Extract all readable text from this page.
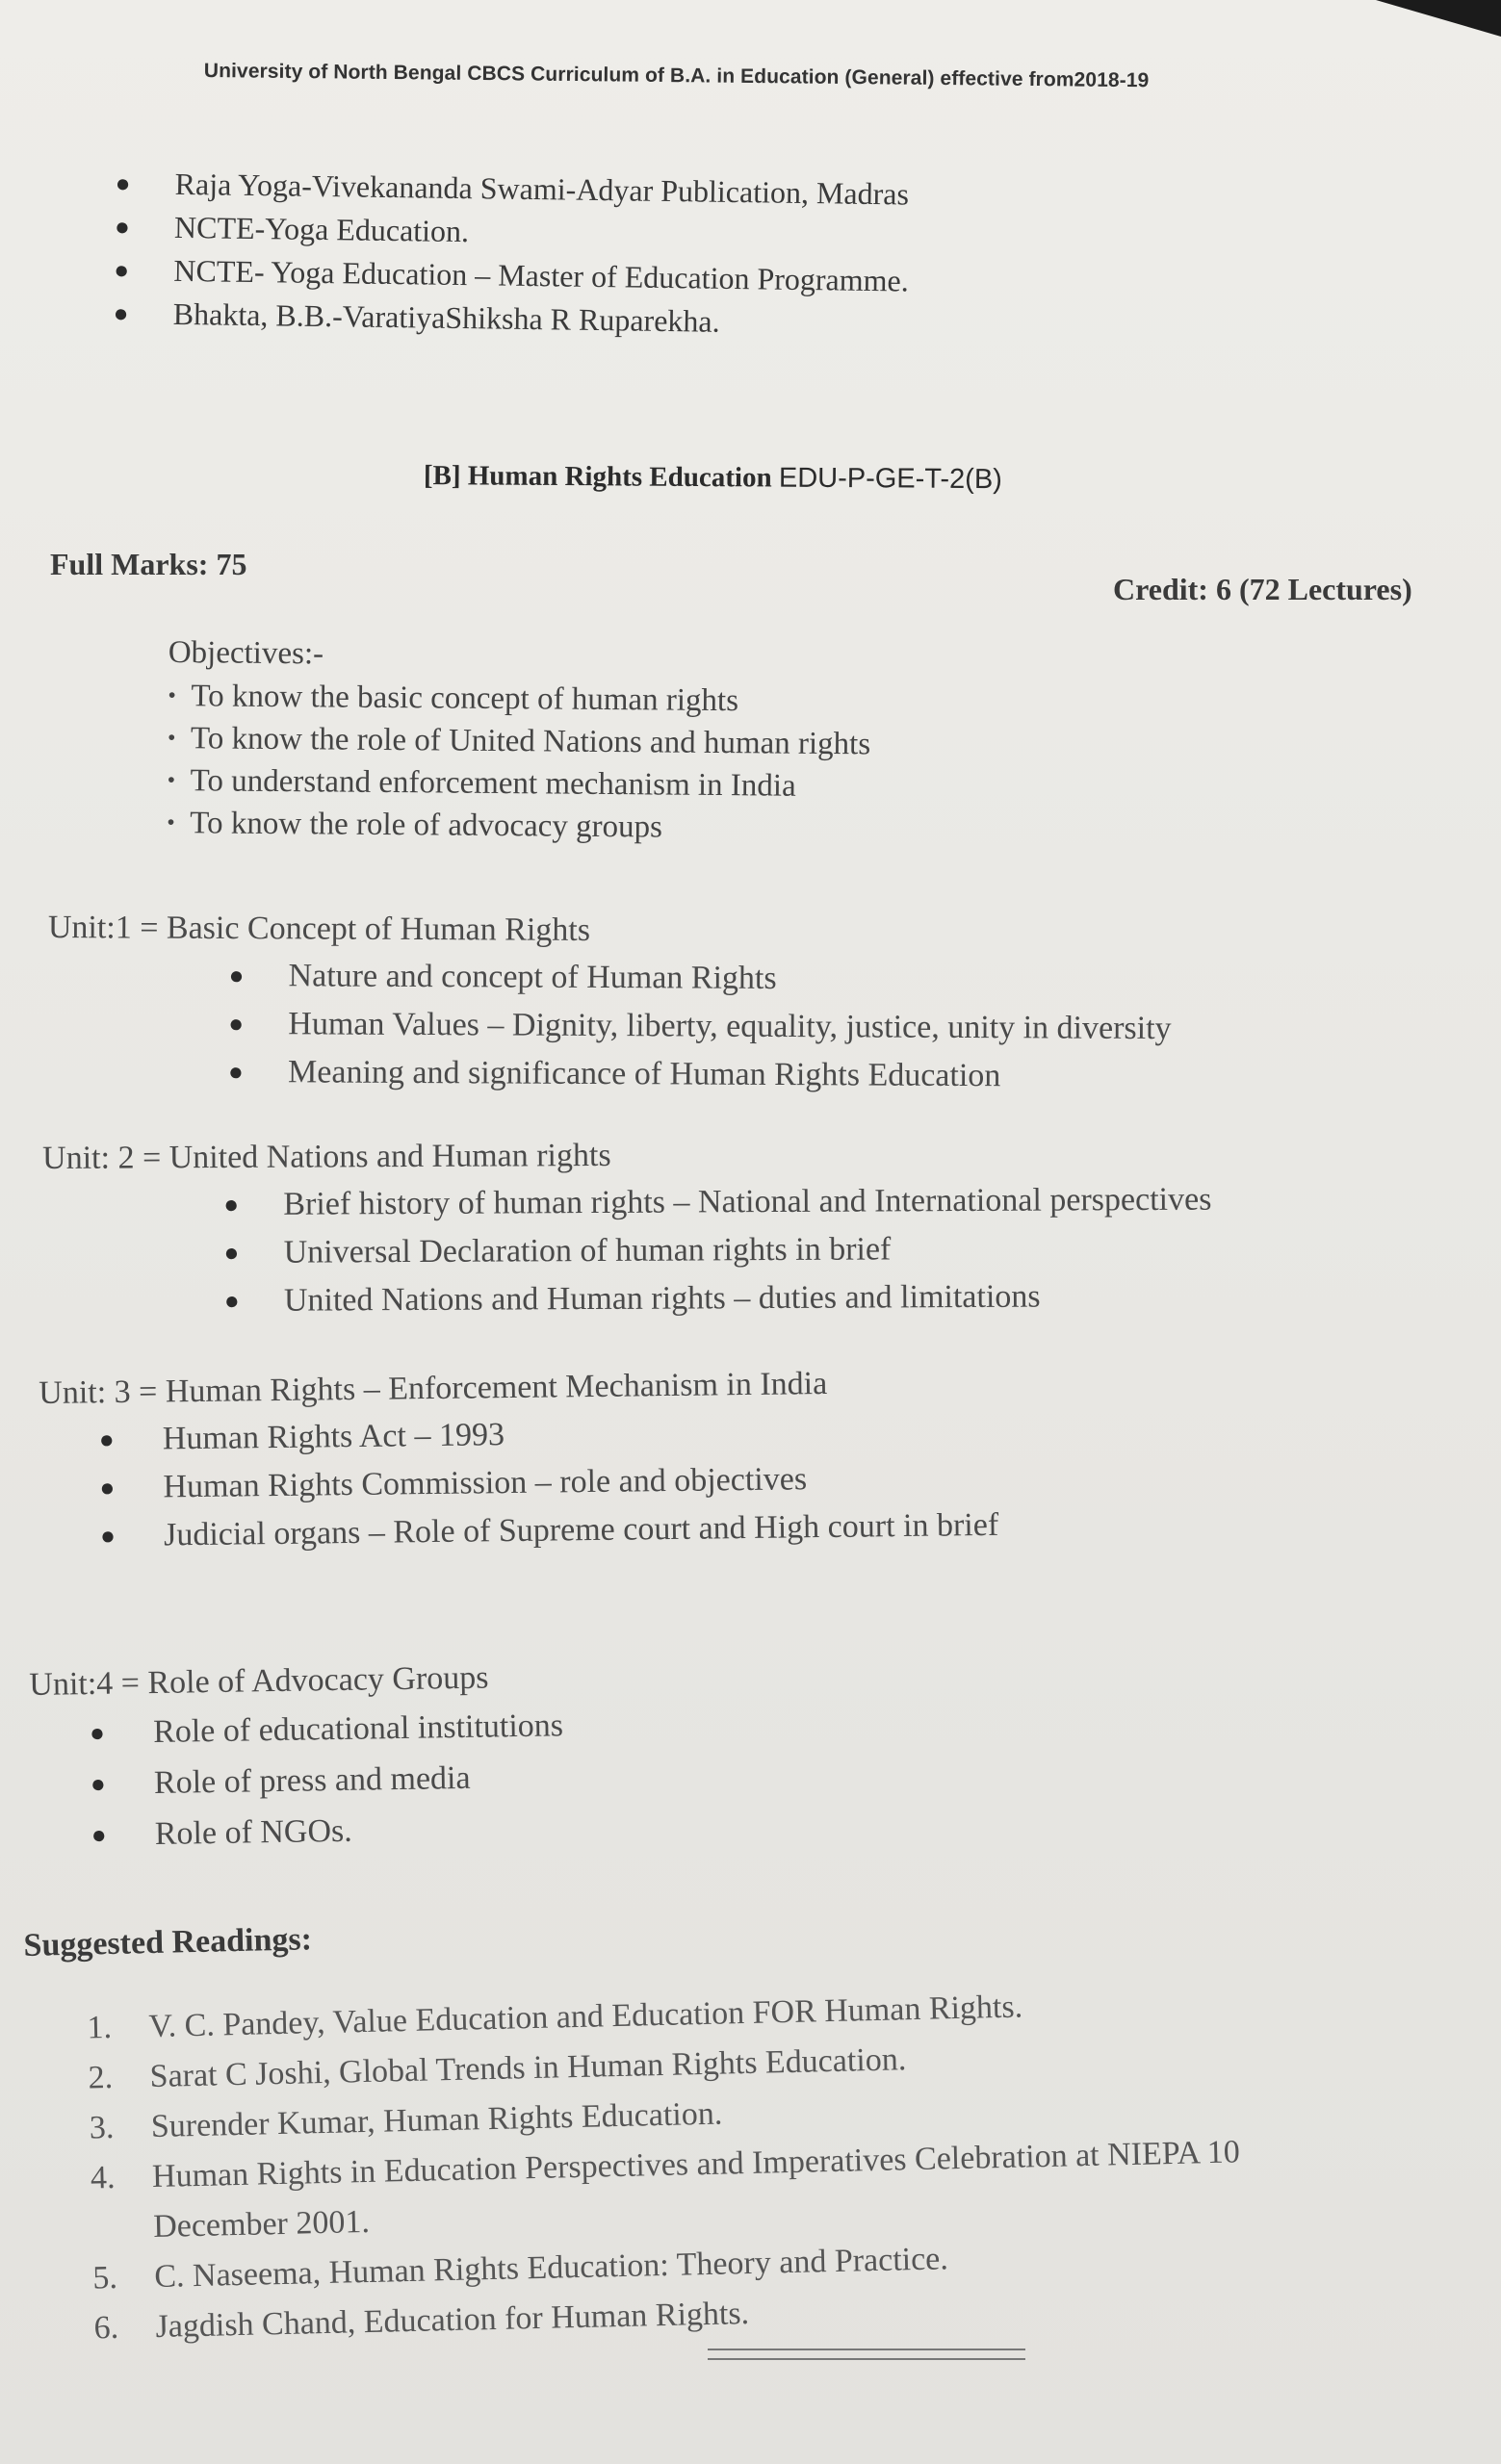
University of North Bengal CBCS Curriculum of B.A. in Education (General) effective from2018-19
● Raja Yoga-Vivekananda Swami-Adyar Publication, Madras
● NCTE-Yoga Education.
● NCTE- Yoga Education – Master of Education Programme.
● Bhakta, B.B.-VaratiyaShiksha R Ruparekha.
[B] Human Rights Education EDU-P-GE-T-2(B)
Full Marks: 75
Credit: 6 (72 Lectures)
Objectives:-
• To know the basic concept of human rights
• To know the role of United Nations and human rights
• To understand enforcement mechanism in India
• To know the role of advocacy groups
Unit:1 = Basic Concept of Human Rights
● Nature and concept of Human Rights
● Human Values – Dignity, liberty, equality, justice, unity in diversity
● Meaning and significance of Human Rights Education
Unit: 2 = United Nations and Human rights
● Brief history of human rights – National and International perspectives
● Universal Declaration of human rights in brief
● United Nations and Human rights – duties and limitations
Unit: 3 = Human Rights – Enforcement Mechanism in India
● Human Rights Act – 1993
● Human Rights Commission – role and objectives
● Judicial organs – Role of Supreme court and High court in brief
Unit:4 = Role of Advocacy Groups
● Role of educational institutions
● Role of press and media
● Role of NGOs.
Suggested Readings:
1.	V. C. Pandey, Value Education and Education FOR Human Rights.
2.	Sarat C Joshi, Global Trends in Human Rights Education.
3.	Surender Kumar, Human Rights Education.
4.	Human Rights in Education Perspectives and Imperatives Celebration at NIEPA 10
December 2001.
5.	C. Naseema, Human Rights Education: Theory and Practice.
6.	Jagdish Chand, Education for Human Rights.
